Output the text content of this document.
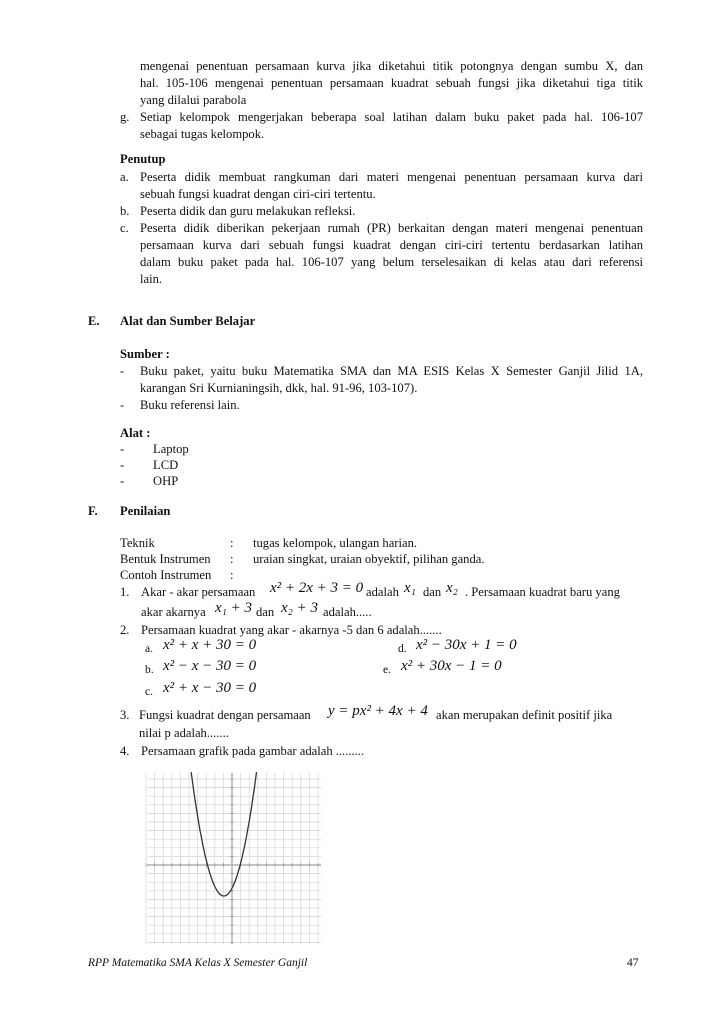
mengenai penentuan persamaan kurva jika diketahui titik potongnya dengan sumbu X, dan
hal. 105-106 mengenai penentuan persamaan kuadrat sebuah fungsi jika diketahui tiga titik
yang dilalui parabola
g. Setiap kelompok mengerjakan beberapa soal latihan dalam buku paket pada hal. 106-107
sebagai tugas kelompok.
Penutup
a. Peserta didik membuat rangkuman dari materi mengenai penentuan persamaan kurva dari
sebuah fungsi kuadrat dengan ciri-ciri tertentu.
b. Peserta didik dan guru melakukan refleksi.
c. Peserta didik diberikan pekerjaan rumah (PR) berkaitan dengan materi mengenai penentuan
persamaan kurva dari sebuah fungsi kuadrat dengan ciri-ciri tertentu berdasarkan latihan
dalam buku paket pada hal. 106-107 yang belum terselesaikan di kelas atau dari referensi
lain.
E. Alat dan Sumber Belajar
Sumber :
- Buku paket, yaitu buku Matematika SMA dan MA ESIS Kelas X Semester Ganjil Jilid 1A,
karangan Sri Kurnianingsih, dkk, hal. 91-96, 103-107).
- Buku referensi lain.
Alat :
- Laptop
- LCD
- OHP
F. Penilaian
Teknik	: tugas kelompok, ulangan harian.
Bentuk Instrumen : uraian singkat, uraian obyektif, pilihan ganda.
Contoh Instrumen :
1. Akar - akar persamaan x² + 2x + 3 = 0 adalah x₁ dan x₂ . Persamaan kuadrat baru yang
akar akarnya x₁ + 3 dan x₂ + 3 adalah.....
2. Persamaan kuadrat yang akar - akarnya -5 dan 6 adalah.......
a. x² + x + 30 = 0	d. x² − 30x + 1 = 0
b. x² − x − 30 = 0	e. x² + 30x − 1 = 0
c. x² + x − 30 = 0
3. Fungsi kuadrat dengan persamaan y = px² + 4x + 4 akan merupakan definit positif jika
nilai p adalah.......
4. Persamaan grafik pada gambar adalah .........
RPP Matematika SMA Kelas X Semester Ganjil	47
